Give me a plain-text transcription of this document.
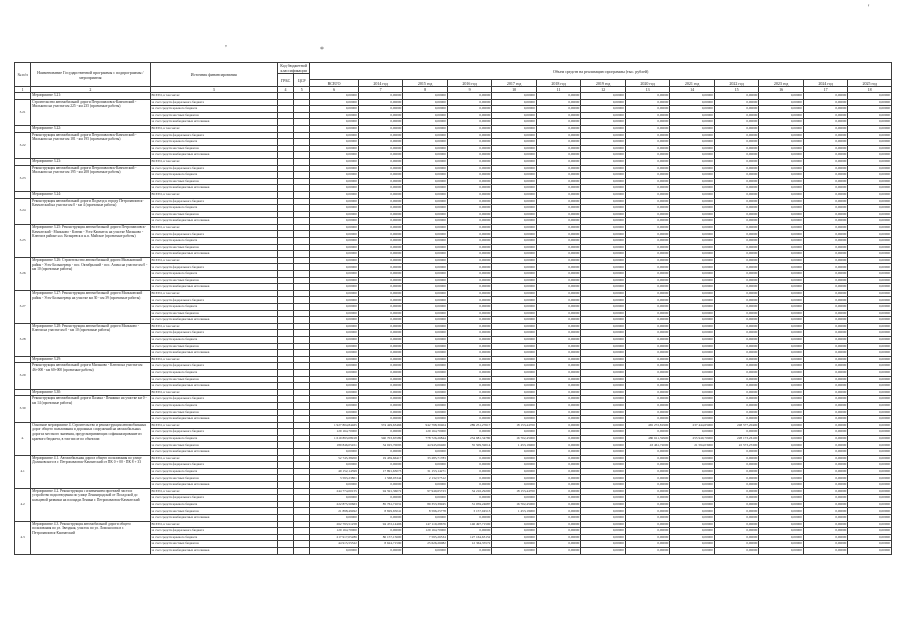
'
,
*
№ п/п	Наименование Государственной программы с подпрограммы / мероприятия	Источник финансирования	Код бюджетной классификации		Объем средств на реализацию программы (тыс. рублей)												
			ГРБС	ЦСР													
					ВСЕГО	2014 год	2015 год	2016 год	2017 год	2018 год	2019 год	2020 год	2021 год	2022 год	2023 год	2024 год	2025 год
1	2	3	4	5	6	7	8	9	10	11	12	13	14	15	16	17	18
	Мероприятие 3.21:	ВСЕГО, в том числе:			0,00000	0,00000	0,00000	0,00000	0,00000	0,00000	0,00000	0,00000	0,00000	0,00000	0,00000	0,00000	0,00000
3.21	Строительство автомобильной дороги Петропавловск-Камчатский - Мильково на участке км 225 - км 235 (проектные работы)	за счет средств федерального бюджета			0,00000	0,00000	0,00000	0,00000	0,00000	0,00000	0,00000	0,00000	0,00000	0,00000	0,00000	0,00000	0,00000
		за счет средств краевого бюджета			0,00000	0,00000	0,00000	0,00000	0,00000	0,00000	0,00000	0,00000	0,00000	0,00000	0,00000	0,00000	0,00000
		за счет средств местных бюджетов			0,00000	0,00000	0,00000	0,00000	0,00000	0,00000	0,00000	0,00000	0,00000	0,00000	0,00000	0,00000	0,00000
		за счет средств внебюджетных источников			0,00000	0,00000	0,00000	0,00000	0,00000	0,00000	0,00000	0,00000	0,00000	0,00000	0,00000	0,00000	0,00000
	Мероприятие 3.22:	ВСЕГО, в том числе:			0,00000	0,00000	0,00000	0,00000	0,00000	0,00000	0,00000	0,00000	0,00000	0,00000	0,00000	0,00000	0,00000
3.22	Реконструкция автомобильной дороги Петропавловск-Камчатский - Мильково на участке км 181 - км 195 (проектные работы)	за счет средств федерального бюджета			0,00000	0,00000	0,00000	0,00000	0,00000	0,00000	0,00000	0,00000	0,00000	0,00000	0,00000	0,00000	0,00000
		за счет средств краевого бюджета			0,00000	0,00000	0,00000	0,00000	0,00000	0,00000	0,00000	0,00000	0,00000	0,00000	0,00000	0,00000	0,00000
		за счет средств местных бюджетов			0,00000	0,00000	0,00000	0,00000	0,00000	0,00000	0,00000	0,00000	0,00000	0,00000	0,00000	0,00000	0,00000
		за счет средств внебюджетных источников			0,00000	0,00000	0,00000	0,00000	0,00000	0,00000	0,00000	0,00000	0,00000	0,00000	0,00000	0,00000	0,00000
	Мероприятие 3.23:	ВСЕГО, в том числе:			0,00000	0,00000	0,00000	0,00000	0,00000	0,00000	0,00000	0,00000	0,00000	0,00000	0,00000	0,00000	0,00000
3.23	Реконструкция автомобильной дороги Петропавловск-Камчатский - Мильково на участке км 195 - км 208 (проектные работы)	за счет средств федерального бюджета			0,00000	0,00000	0,00000	0,00000	0,00000	0,00000	0,00000	0,00000	0,00000	0,00000	0,00000	0,00000	0,00000
		за счет средств краевого бюджета			0,00000	0,00000	0,00000	0,00000	0,00000	0,00000	0,00000	0,00000	0,00000	0,00000	0,00000	0,00000	0,00000
		за счет средств местных бюджетов			0,00000	0,00000	0,00000	0,00000	0,00000	0,00000	0,00000	0,00000	0,00000	0,00000	0,00000	0,00000	0,00000
		за счет средств внебюджетных источников			0,00000	0,00000	0,00000	0,00000	0,00000	0,00000	0,00000	0,00000	0,00000	0,00000	0,00000	0,00000	0,00000
	Мероприятие 3.24:	ВСЕГО, в том числе:			0,00000	0,00000	0,00000	0,00000	0,00000	0,00000	0,00000	0,00000	0,00000	0,00000	0,00000	0,00000	0,00000
3.24	Реконструкция автомобильной дороги Подъезд к городу Петропавловск-Камчатский на участке км 0 - км 4 (проектные работы)	за счет средств федерального бюджета			0,00000	0,00000	0,00000	0,00000	0,00000	0,00000	0,00000	0,00000	0,00000	0,00000	0,00000	0,00000	0,00000
		за счет средств краевого бюджета			0,00000	0,00000	0,00000	0,00000	0,00000	0,00000	0,00000	0,00000	0,00000	0,00000	0,00000	0,00000	0,00000
		за счет средств местных бюджетов			0,00000	0,00000	0,00000	0,00000	0,00000	0,00000	0,00000	0,00000	0,00000	0,00000	0,00000	0,00000	0,00000
		за счет средств внебюджетных источников			0,00000	0,00000	0,00000	0,00000	0,00000	0,00000	0,00000	0,00000	0,00000	0,00000	0,00000	0,00000	0,00000
3.25	Мероприятие 3.25: Реконструкция автомобильной дороги Петропавловск-Камчатский - Мильково - Ключи - Усть-Камчатск на участке Мильково - Ключи в районе н.п. Козыревск и н.п. Майское (проектные работы)	ВСЕГО, в том числе:			0,00000	0,00000	0,00000	0,00000	0,00000	0,00000	0,00000	0,00000	0,00000	0,00000	0,00000	0,00000	0,00000
		за счет средств федерального бюджета			0,00000	0,00000	0,00000	0,00000	0,00000	0,00000	0,00000	0,00000	0,00000	0,00000	0,00000	0,00000	0,00000
		за счет средств краевого бюджета			0,00000	0,00000	0,00000	0,00000	0,00000	0,00000	0,00000	0,00000	0,00000	0,00000	0,00000	0,00000	0,00000
		за счет средств местных бюджетов			0,00000	0,00000	0,00000	0,00000	0,00000	0,00000	0,00000	0,00000	0,00000	0,00000	0,00000	0,00000	0,00000
		за счет средств внебюджетных источников			0,00000	0,00000	0,00000	0,00000	0,00000	0,00000	0,00000	0,00000	0,00000	0,00000	0,00000	0,00000	0,00000
3.26	Мероприятие 3.26: Строительство автомобильной дороги Мильковский район - Усть-Большерецк - пос. Октябрьский - пос. Апача на участке км 0 - км 10 (проектные работы)	ВСЕГО, в том числе:			0,00000	0,00000	0,00000	0,00000	0,00000	0,00000	0,00000	0,00000	0,00000	0,00000	0,00000	0,00000	0,00000
		за счет средств федерального бюджета			0,00000	0,00000	0,00000	0,00000	0,00000	0,00000	0,00000	0,00000	0,00000	0,00000	0,00000	0,00000	0,00000
		за счет средств краевого бюджета			0,00000	0,00000	0,00000	0,00000	0,00000	0,00000	0,00000	0,00000	0,00000	0,00000	0,00000	0,00000	0,00000
		за счет средств местных бюджетов			0,00000	0,00000	0,00000	0,00000	0,00000	0,00000	0,00000	0,00000	0,00000	0,00000	0,00000	0,00000	0,00000
		за счет средств внебюджетных источников			0,00000	0,00000	0,00000	0,00000	0,00000	0,00000	0,00000	0,00000	0,00000	0,00000	0,00000	0,00000	0,00000
3.27	Мероприятие 3.27: Реконструкция автомобильной дороги Мильковский район - Усть-Большерецк на участке км 30 - км 39 (проектные работы)	ВСЕГО, в том числе:			0,00000	0,00000	0,00000	0,00000	0,00000	0,00000	0,00000	0,00000	0,00000	0,00000	0,00000	0,00000	0,00000
		за счет средств федерального бюджета			0,00000	0,00000	0,00000	0,00000	0,00000	0,00000	0,00000	0,00000	0,00000	0,00000	0,00000	0,00000	0,00000
		за счет средств краевого бюджета			0,00000	0,00000	0,00000	0,00000	0,00000	0,00000	0,00000	0,00000	0,00000	0,00000	0,00000	0,00000	0,00000
		за счет средств местных бюджетов			0,00000	0,00000	0,00000	0,00000	0,00000	0,00000	0,00000	0,00000	0,00000	0,00000	0,00000	0,00000	0,00000
		за счет средств внебюджетных источников			0,00000	0,00000	0,00000	0,00000	0,00000	0,00000	0,00000	0,00000	0,00000	0,00000	0,00000	0,00000	0,00000
3.28	Мероприятие 3.28: Реконструкция автомобильной дороги Мильково - Ключи на участке км 0 - км 10 (проектные работы)	ВСЕГО, в том числе:			0,00000	0,00000	0,00000	0,00000	0,00000	0,00000	0,00000	0,00000	0,00000	0,00000	0,00000	0,00000	0,00000
		за счет средств федерального бюджета			0,00000	0,00000	0,00000	0,00000	0,00000	0,00000	0,00000	0,00000	0,00000	0,00000	0,00000	0,00000	0,00000
		за счет средств краевого бюджета			0,00000	0,00000	0,00000	0,00000	0,00000	0,00000	0,00000	0,00000	0,00000	0,00000	0,00000	0,00000	0,00000
		за счет средств местных бюджетов			0,00000	0,00000	0,00000	0,00000	0,00000	0,00000	0,00000	0,00000	0,00000	0,00000	0,00000	0,00000	0,00000
		за счет средств внебюджетных источников			0,00000	0,00000	0,00000	0,00000	0,00000	0,00000	0,00000	0,00000	0,00000	0,00000	0,00000	0,00000	0,00000
	Мероприятие 3.29:	ВСЕГО, в том числе:			0,00000	0,00000	0,00000	0,00000	0,00000	0,00000	0,00000	0,00000	0,00000	0,00000	0,00000	0,00000	0,00000
3.29	Реконструкция автомобильной дороги Мильково - Ключи на участке км 46+000 - км 60+000 (проектные работы)	за счет средств федерального бюджета			0,00000	0,00000	0,00000	0,00000	0,00000	0,00000	0,00000	0,00000	0,00000	0,00000	0,00000	0,00000	0,00000
		за счет средств краевого бюджета			0,00000	0,00000	0,00000	0,00000	0,00000	0,00000	0,00000	0,00000	0,00000	0,00000	0,00000	0,00000	0,00000
		за счет средств местных бюджетов			0,00000	0,00000	0,00000	0,00000	0,00000	0,00000	0,00000	0,00000	0,00000	0,00000	0,00000	0,00000	0,00000
		за счет средств внебюджетных источников			0,00000	0,00000	0,00000	0,00000	0,00000	0,00000	0,00000	0,00000	0,00000	0,00000	0,00000	0,00000	0,00000
	Мероприятие 3.30:	ВСЕГО, в том числе:			0,00000	0,00000	0,00000	0,00000	0,00000	0,00000	0,00000	0,00000	0,00000	0,00000	0,00000	0,00000	0,00000
3.30	Реконструкция автомобильной дороги Палана - Пенжино на участке км 0 - км 14 (проектные работы)	за счет средств федерального бюджета			0,00000	0,00000	0,00000	0,00000	0,00000	0,00000	0,00000	0,00000	0,00000	0,00000	0,00000	0,00000	0,00000
		за счет средств краевого бюджета			0,00000	0,00000	0,00000	0,00000	0,00000	0,00000	0,00000	0,00000	0,00000	0,00000	0,00000	0,00000	0,00000
		за счет средств местных бюджетов			0,00000	0,00000	0,00000	0,00000	0,00000	0,00000	0,00000	0,00000	0,00000	0,00000	0,00000	0,00000	0,00000
		за счет средств внебюджетных источников			0,00000	0,00000	0,00000	0,00000	0,00000	0,00000	0,00000	0,00000	0,00000	0,00000	0,00000	0,00000	0,00000
4.	Основное мероприятие 4. Строительство и реконструкция автомобильных дорог общего пользования и дорожных сооружений на автомобильных дорогах местного значения, предусматривающих софинансирование из краевого бюджета, в том числе по объектам:	ВСЕГО, в том числе:			1 927 804,84465	374 429,63466	942 798,30404	289 251,27617	18 153,44700	0,00000	0,00000	465 272,81900	237 444,65900	248 577,20400	0,00000	0,00000	0,00000
		за счет средств федерального бюджета			129 164,70000	0,00000	129 164,70000	0,00000	0,00000	0,00000	0,00000	0,00000	0,00000	0,00000	0,00000	0,00000	0,00000
		за счет средств краевого бюджета			1 619 893,08918	340 703,65589	778 726,26844	234 681,34780	16 702,45000	0,00000	0,00000	480 611,59900	255 949,70900	228 173,26100	0,00000	0,00000	0,00000
		за счет средств местных бюджетов			189 846,05451	34 025,70095	44 945,06460	55 509,59014	1 453,19900	0,00000	0,00000	43 461,72000	21 594,03900	22 573,25300	0,00000	0,00000	0,00000
		за счет средств внебюджетных источников			0,00000	0,00000	0,00000	0,00000	0,00000	0,00000	0,00000	0,00000	0,00000	0,00000	0,00000	0,00000	0,00000
4.1	Мероприятие 4.1. Автомобильная дорога общего пользования по улице Долиновского в г. Петропавловск-Камчатский от ПК 0 + 00 - ПК 8 + 33	ВСЕГО, в том числе:			52 745,38200	19 459,66417	33 285,71783	0,00000	0,00000	0,00000	0,00000	0,00000	0,00000	0,00000	0,00000	0,00000	0,00000
		за счет средств федерального бюджета			0,00000	0,00000	0,00000	0,00000	0,00000	0,00000	0,00000	0,00000	0,00000	0,00000	0,00000	0,00000	0,00000
		за счет средств краевого бюджета			49 152,14399	17 891,63073	31 153,14271	0,00000	0,00000	0,00000	0,00000	0,00000	0,00000	0,00000	0,00000	0,00000	0,00000
		за счет средств местных бюджетов			3 593,23801	1 568,03344	2 132,57512	0,00000	0,00000	0,00000	0,00000	0,00000	0,00000	0,00000	0,00000	0,00000	0,00000
		за счет средств внебюджетных источников			0,00000	0,00000	0,00000	0,00000	0,00000	0,00000	0,00000	0,00000	0,00000	0,00000	0,00000	0,00000	0,00000
4.2	Мероприятие 4.2. Реконструкция с изменением проезжей части и устройство водоотведения по улице Ленинградской от Посадской до кольцевой развязки на площади Ленина г. Петропавловск-Камчатский	ВСЕГО, в том числе:			244 774,00155	94 591,36072	97 949,65723	34 216,29200	18 153,44700	0,00000	0,00000	0,00000	0,00000	0,00000	0,00000	0,00000	0,00000
		за счет средств федерального бюджета			0,00000	0,00000	0,00000	0,00000	0,00000	0,00000	0,00000	0,00000	0,00000	0,00000	0,00000	0,00000	0,00000
		за счет средств краевого бюджета			222 875,50663	85 761,71031	89 353,39945	31 059,24687	16 702,45000	0,00000	0,00000	0,00000	0,00000	0,00000	0,00000	0,00000	0,00000
		за счет средств местных бюджетов			21 898,49492	8 829,65041	8 596,25778	3 157,04513	1 453,19900	0,00000	0,00000	0,00000	0,00000	0,00000	0,00000	0,00000	0,00000
		за счет средств внебюджетных источников			0,00000	0,00000	0,00000	0,00000	0,00000	0,00000	0,00000	0,00000	0,00000	0,00000	0,00000	0,00000	0,00000
4.3	Мероприятие 4.3. Реконструкция автомобильной дороги общего пользования по ул. Звездная, участок по ул. Ломоносова в г. Петропавловск-Камчатский	ВСЕГО, в том числе:			262 793,51258	94 472,14406	147 119,28676	146 497,71500	0,00000	0,00000	0,00000	0,00000	0,00000	0,00000	0,00000	0,00000	0,00000
		за счет средств федерального бюджета			129 164,70000	0,00000	129 164,70000	0,00000	0,00000	0,00000	0,00000	0,00000	0,00000	0,00000	0,00000	0,00000	0,00000
		за счет средств краевого бюджета			217 917,05286	86 157,15600	7 595,26534	127 164,63152	0,00000	0,00000	0,00000	0,00000	0,00000	0,00000	0,00000	0,00000	0,00000
		за счет средств местных бюджетов			44 915,55322	8 624,71590	25 626,26082	12 364,35572	0,00000	0,00000	0,00000	0,00000	0,00000	0,00000	0,00000	0,00000	0,00000
		за счет средств внебюджетных источников			0,00000	0,00000	0,00000	0,00000	0,00000	0,00000	0,00000	0,00000	0,00000	0,00000	0,00000	0,00000	0,00000
